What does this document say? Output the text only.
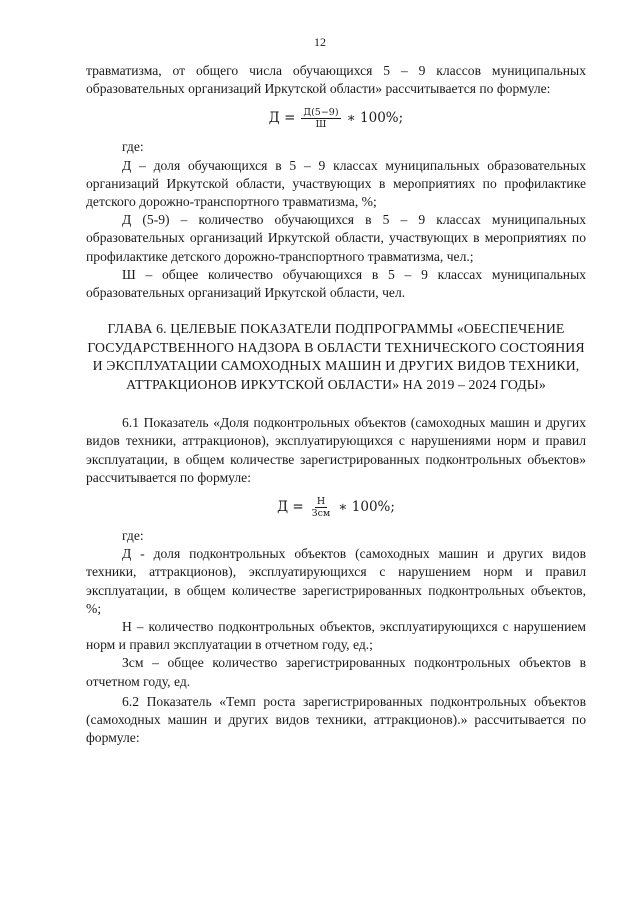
12

травматизма, от общего числа обучающихся 5 – 9 классов муниципальных образовательных организаций Иркутской области» рассчитывается по формуле:

$Д = \frac{Д(5-9)}{Ш}$ ∗ 100%;

где:

Д – доля обучающихся в 5 – 9 классах муниципальных образовательных организаций Иркутской области, участвующих в мероприятиях по профилактике детского дорожно-транспортного травматизма, %;

Д (5-9) – количество обучающихся в 5 – 9 классах муниципальных образовательных организаций Иркутской области, участвующих в мероприятиях по профилактике детского дорожно-транспортного травматизма, чел.;

Ш – общее количество обучающихся в 5 – 9 классах муниципальных образовательных организаций Иркутской области, чел.

ГЛАВА 6. ЦЕЛЕВЫЕ ПОКАЗАТЕЛИ ПОДПРОГРАММЫ «ОБЕСПЕЧЕНИЕ ГОСУДАРСТВЕННОГО НАДЗОРА В ОБЛАСТИ ТЕХНИЧЕСКОГО СОСТОЯНИЯ И ЭКСПЛУАТАЦИИ САМОХОДНЫХ МАШИН И ДРУГИХ ВИДОВ ТЕХНИКИ, АТТРАКЦИОНОВ ИРКУТСКОЙ ОБЛАСТИ» НА 2019 – 2024 ГОДЫ»

6.1 Показатель «Доля подконтрольных объектов (самоходных машин и других видов техники, аттракционов), эксплуатирующихся с нарушениями норм и правил эксплуатации, в общем количестве зарегистрированных подконтрольных объектов» рассчитывается по формуле:

$Д = \frac{Н}{\text{Зсм}}$ ∗ 100%;

где:

Д - доля подконтрольных объектов (самоходных машин и других видов техники, аттракционов), эксплуатирующихся с нарушением норм и правил эксплуатации, в общем количестве зарегистрированных подконтрольных объектов, %;

Н – количество подконтрольных объектов, эксплуатирующихся с нарушением норм и правил эксплуатации в отчетном году, ед.;

Зсм – общее количество зарегистрированных подконтрольных объектов в отчетном году, ед.

6.2 Показатель «Темп роста зарегистрированных подконтрольных объектов (самоходных машин и других видов техники, аттракционов).» рассчитывается по формуле:
